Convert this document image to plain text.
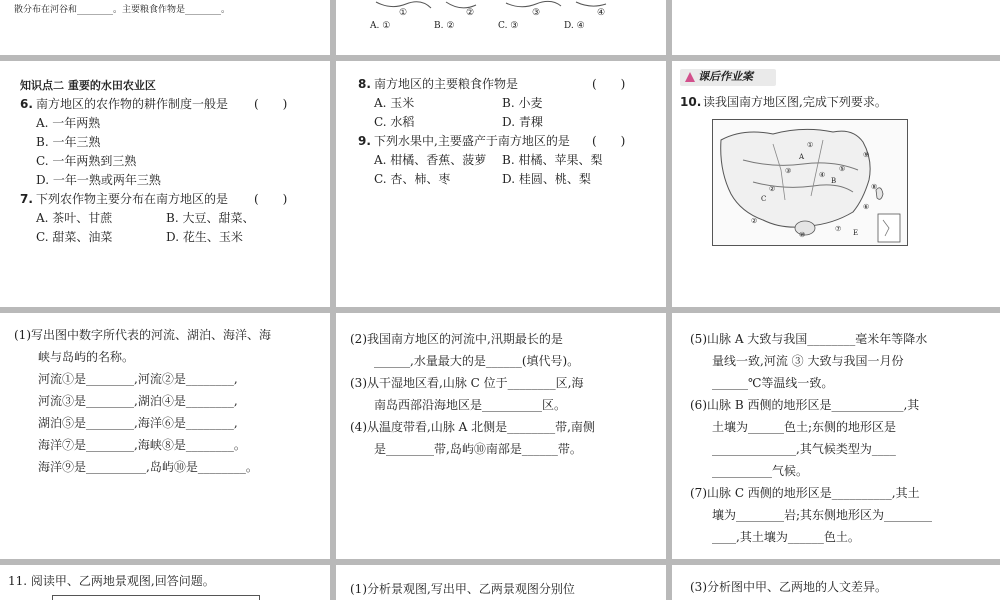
散分布在河谷和________。主要粮食作物是________。	①	②	③	④
A. ①	B. ②	C. ③	D. ④
知识点二 重要的水田农业区
6. 南方地区的农作物的耕作制度一般是 (　　)
A. 一年两熟
B. 一年三熟
C. 一年两熟到三熟
D. 一年一熟或两年三熟
7. 下列农作物主要分布在南方地区的是 (　　)
A. 茶叶、甘蔗	B. 大豆、甜菜、
C. 甜菜、油菜	D. 花生、玉米
8. 南方地区的主要粮食作物是	(　　)
A. 玉米	B. 小麦
C. 水稻	D. 青稞
9. 下列水果中,主要盛产于南方地区的是 (　　)
A. 柑橘、香蕉、菠萝 B. 柑橘、苹果、梨
C. 杏、柿、枣	D. 桂圆、桃、梨
课后作业案
10. 读我国南方地区图,完成下列要求。
⑨
A
B
C
⑧
⑥
⑤
④
③
②
①
⑦
⑩	E
②
(1)写出图中数字所代表的河流、湖泊、海洋、海
峡与岛屿的名称。
河流①是________,河流②是________,
河流③是________,湖泊④是________,
湖泊⑤是________,海洋⑥是________,
海洋⑦是________,海峡⑧是________。
海洋⑨是__________,岛屿⑩是________。
(2)我国南方地区的河流中,汛期最长的是
______,水量最大的是______(填代号)。
(3)从干湿地区看,山脉 C 位于________区,海
南岛西部沿海地区是__________区。
(4)从温度带看,山脉 A 北侧是________带,南侧
是________带,岛屿⑩南部是______带。
(5)山脉 A 大致与我国________毫米年等降水
量线一致,河流 ③ 大致与我国一月份
______℃等温线一致。
(6)山脉 B 西侧的地形区是____________,其
土壤为______色土;东侧的地形区是
______________,其气候类型为____
__________气候。
(7)山脉 C 西侧的地形区是__________,其土
壤为________岩;其东侧地形区为________
____,其土壤为______色土。
11. 阅读甲、乙两地景观图,回答问题。
(1)分析景观图,写出甲、乙两景观图分别位	(3)分析图中甲、乙两地的人文差异。
